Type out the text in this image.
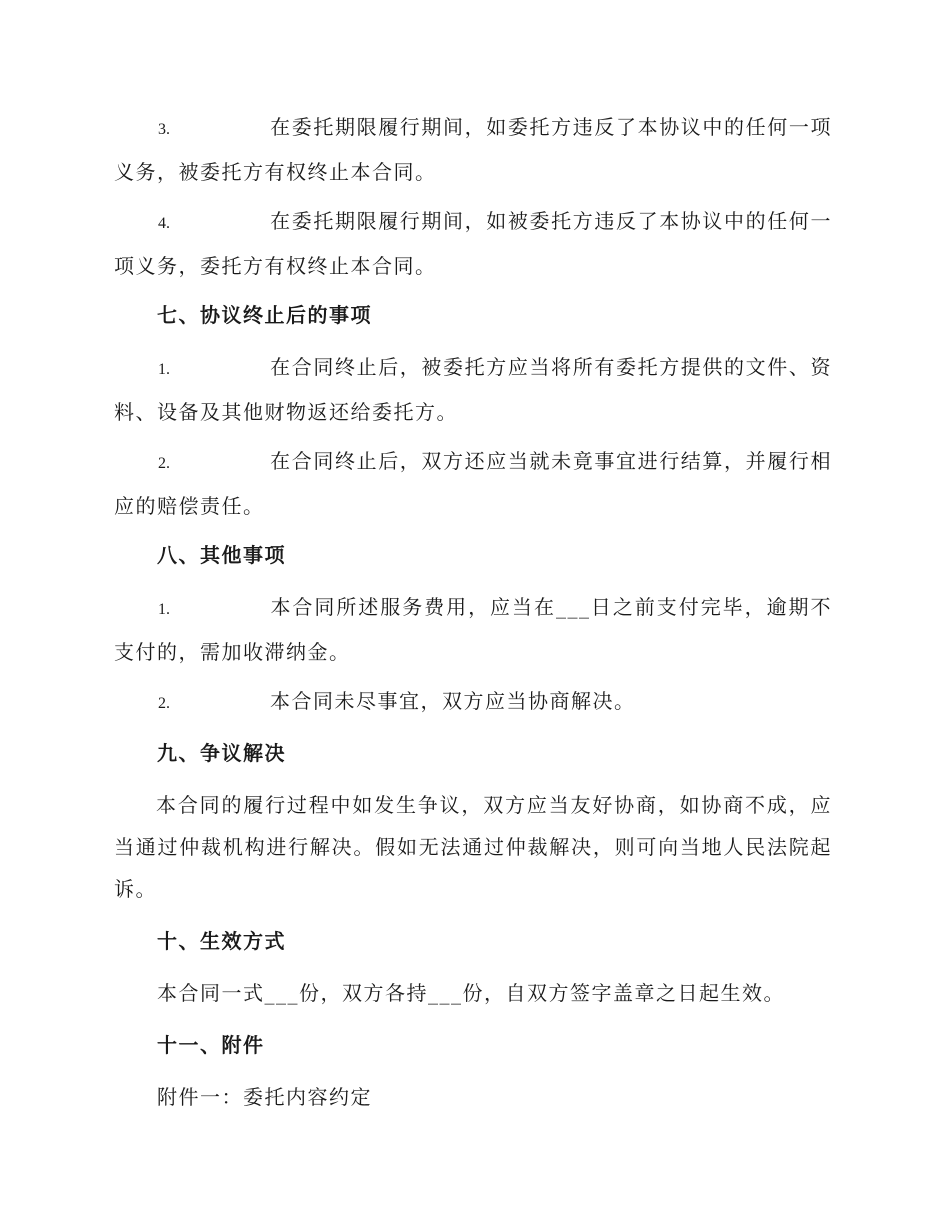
3.	在委托期限履行期间，如委托方违反了本协议中的任何一项义务，被委托方有权终止本合同。

4.	在委托期限履行期间，如被委托方违反了本协议中的任何一项义务，委托方有权终止本合同。

七、协议终止后的事项

1.	在合同终止后，被委托方应当将所有委托方提供的文件、资料、设备及其他财物返还给委托方。

2.	在合同终止后，双方还应当就未竟事宜进行结算，并履行相应的赔偿责任。

八、其他事项

1.	本合同所述服务费用，应当在___日之前支付完毕，逾期不支付的，需加收滞纳金。

2.	本合同未尽事宜，双方应当协商解决。

九、争议解决

本合同的履行过程中如发生争议，双方应当友好协商，如协商不成，应当通过仲裁机构进行解决。假如无法通过仲裁解决，则可向当地人民法院起诉。

十、生效方式

本合同一式___份，双方各持___份，自双方签字盖章之日起生效。

十一、附件

附件一：委托内容约定
